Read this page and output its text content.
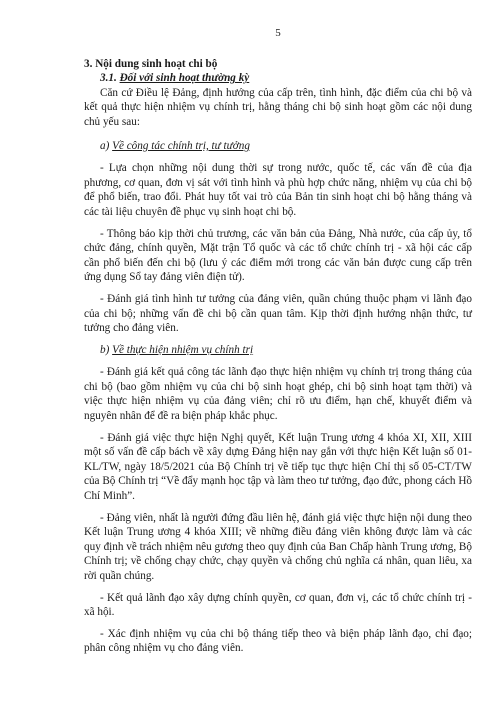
5
3. Nội dung sinh hoạt chi bộ
3.1. Đối với sinh hoạt thường kỳ

Căn cứ Điều lệ Đảng, định hướng của cấp trên, tình hình, đặc điểm của chi bộ và kết quả thực hiện nhiệm vụ chính trị, hằng tháng chi bộ sinh hoạt gồm các nội dung chủ yếu sau:

a) Về công tác chính trị, tư tưởng

- Lựa chọn những nội dung thời sự trong nước, quốc tế, các vấn đề của địa phương, cơ quan, đơn vị sát với tình hình và phù hợp chức năng, nhiệm vụ của chi bộ để phổ biến, trao đổi. Phát huy tốt vai trò của Bản tin sinh hoạt chi bộ hằng tháng và các tài liệu chuyên đề phục vụ sinh hoạt chi bộ.

- Thông báo kịp thời chủ trương, các văn bản của Đảng, Nhà nước, của cấp ủy, tổ chức đảng, chính quyền, Mặt trận Tổ quốc và các tổ chức chính trị - xã hội các cấp cần phổ biến đến chi bộ (lưu ý các điểm mới trong các văn bản được cung cấp trên ứng dụng Sổ tay đảng viên điện tử).

- Đánh giá tình hình tư tưởng của đảng viên, quần chúng thuộc phạm vi lãnh đạo của chi bộ; những vấn đề chi bộ cần quan tâm. Kịp thời định hướng nhận thức, tư tưởng cho đảng viên.

b) Về thực hiện nhiệm vụ chính trị

- Đánh giá kết quả công tác lãnh đạo thực hiện nhiệm vụ chính trị trong tháng của chi bộ (bao gồm nhiệm vụ của chi bộ sinh hoạt ghép, chi bộ sinh hoạt tạm thời) và việc thực hiện nhiệm vụ của đảng viên; chỉ rõ ưu điểm, hạn chế, khuyết điểm và nguyên nhân để đề ra biện pháp khắc phục.

- Đánh giá việc thực hiện Nghị quyết, Kết luận Trung ương 4 khóa XI, XII, XIII một số vấn đề cấp bách về xây dựng Đảng hiện nay gắn với thực hiện Kết luận số 01-KL/TW, ngày 18/5/2021 của Bộ Chính trị về tiếp tục thực hiện Chỉ thị số 05-CT/TW của Bộ Chính trị “Về đẩy mạnh học tập và làm theo tư tưởng, đạo đức, phong cách Hồ Chí Minh”.

- Đảng viên, nhất là người đứng đầu liên hệ, đánh giá việc thực hiện nội dung theo Kết luận Trung ương 4 khóa XIII; về những điều đảng viên không được làm và các quy định về trách nhiệm nêu gương theo quy định của Ban Chấp hành Trung ương, Bộ Chính trị; về chống chạy chức, chạy quyền và chống chủ nghĩa cá nhân, quan liêu, xa rời quần chúng.

- Kết quả lãnh đạo xây dựng chính quyền, cơ quan, đơn vị, các tổ chức chính trị - xã hội.

- Xác định nhiệm vụ của chi bộ tháng tiếp theo và biện pháp lãnh đạo, chỉ đạo; phân công nhiệm vụ cho đảng viên.
